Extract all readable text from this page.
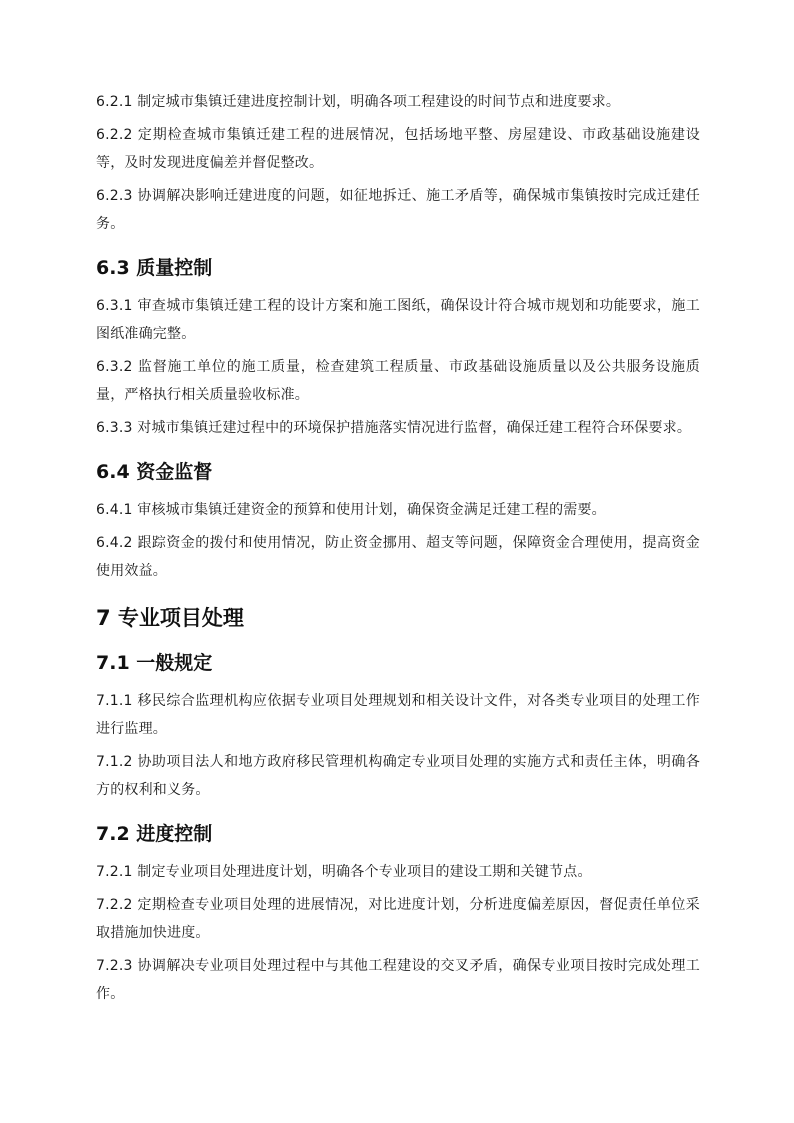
6.2.1 制定城市集镇迁建进度控制计划，明确各项工程建设的时间节点和进度要求。

6.2.2 定期检查城市集镇迁建工程的进展情况，包括场地平整、房屋建设、市政基础设施建设等，及时发现进度偏差并督促整改。

6.2.3 协调解决影响迁建进度的问题，如征地拆迁、施工矛盾等，确保城市集镇按时完成迁建任务。

6.3 质量控制

6.3.1 审查城市集镇迁建工程的设计方案和施工图纸，确保设计符合城市规划和功能要求，施工图纸准确完整。

6.3.2 监督施工单位的施工质量，检查建筑工程质量、市政基础设施质量以及公共服务设施质量，严格执行相关质量验收标准。

6.3.3 对城市集镇迁建过程中的环境保护措施落实情况进行监督，确保迁建工程符合环保要求。

6.4 资金监督

6.4.1 审核城市集镇迁建资金的预算和使用计划，确保资金满足迁建工程的需要。

6.4.2 跟踪资金的拨付和使用情况，防止资金挪用、超支等问题，保障资金合理使用，提高资金使用效益。

7 专业项目处理
7.1 一般规定

7.1.1 移民综合监理机构应依据专业项目处理规划和相关设计文件，对各类专业项目的处理工作进行监理。

7.1.2 协助项目法人和地方政府移民管理机构确定专业项目处理的实施方式和责任主体，明确各方的权利和义务。

7.2 进度控制

7.2.1 制定专业项目处理进度计划，明确各个专业项目的建设工期和关键节点。

7.2.2 定期检查专业项目处理的进展情况，对比进度计划，分析进度偏差原因，督促责任单位采取措施加快进度。

7.2.3 协调解决专业项目处理过程中与其他工程建设的交叉矛盾，确保专业项目按时完成处理工作。
